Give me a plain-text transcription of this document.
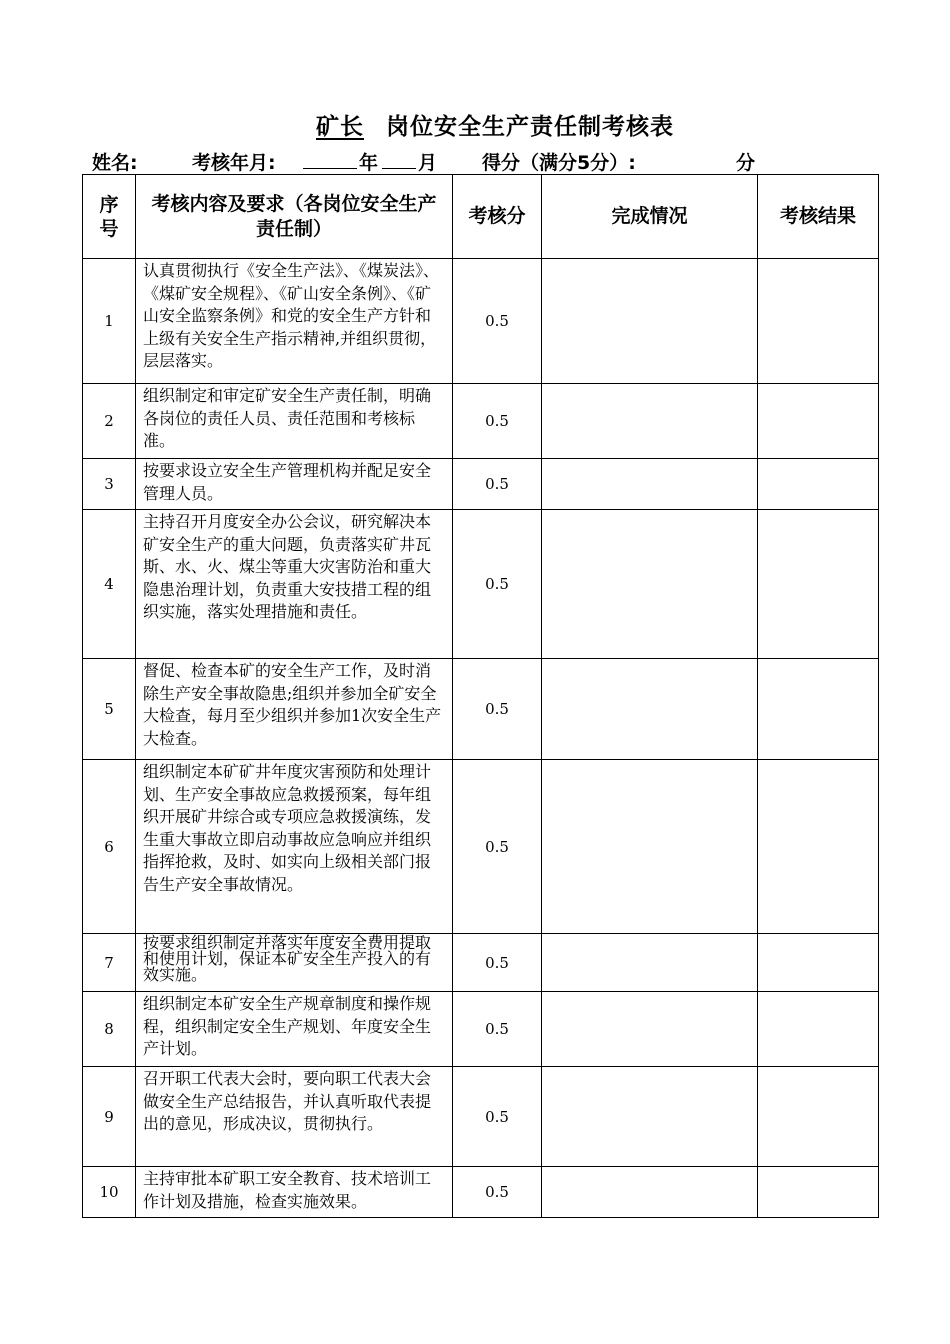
矿长 岗位安全生产责任制考核表
姓名:	考核年月:	年 月 得分（满分5分）:	分
序号	考核内容及要求（各岗位安全生产责任制）	考核分	完成情况	考核结果
1	认真贯彻执行《安全生产法》、《煤炭法》、《煤矿安全规程》、《矿山安全条例》、《矿山安全监察条例》和党的安全生产方针和上级有关安全生产指示精神,并组织贯彻，层层落实。	0.5		
2	组织制定和审定矿安全生产责任制，明确各岗位的责任人员、责任范围和考核标准。	0.5		
3	按要求设立安全生产管理机构并配足安全管理人员。	0.5		
4	主持召开月度安全办公会议，研究解决本矿安全生产的重大问题，负责落实矿井瓦斯、水、火、煤尘等重大灾害防治和重大隐患治理计划，负责重大安技措工程的组织实施，落实处理措施和责任。	0.5		
5	督促、检查本矿的安全生产工作，及时消除生产安全事故隐患;组织并参加全矿安全大检查，每月至少组织并参加1次安全生产大检查。	0.5		
6	组织制定本矿矿井年度灾害预防和处理计划、生产安全事故应急救援预案，每年组织开展矿井综合或专项应急救援演练，发生重大事故立即启动事故应急响应并组织指挥抢救，及时、如实向上级相关部门报告生产安全事故情况。	0.5		
7	按要求组织制定并落实年度安全费用提取和使用计划，保证本矿安全生产投入的有效实施。	0.5		
8	组织制定本矿安全生产规章制度和操作规程，组织制定安全生产规划、年度安全生产计划。	0.5		
9	召开职工代表大会时，要向职工代表大会做安全生产总结报告，并认真听取代表提出的意见，形成决议，贯彻执行。	0.5		
10	主持审批本矿职工安全教育、技术培训工作计划及措施，检查实施效果。	0.5		
